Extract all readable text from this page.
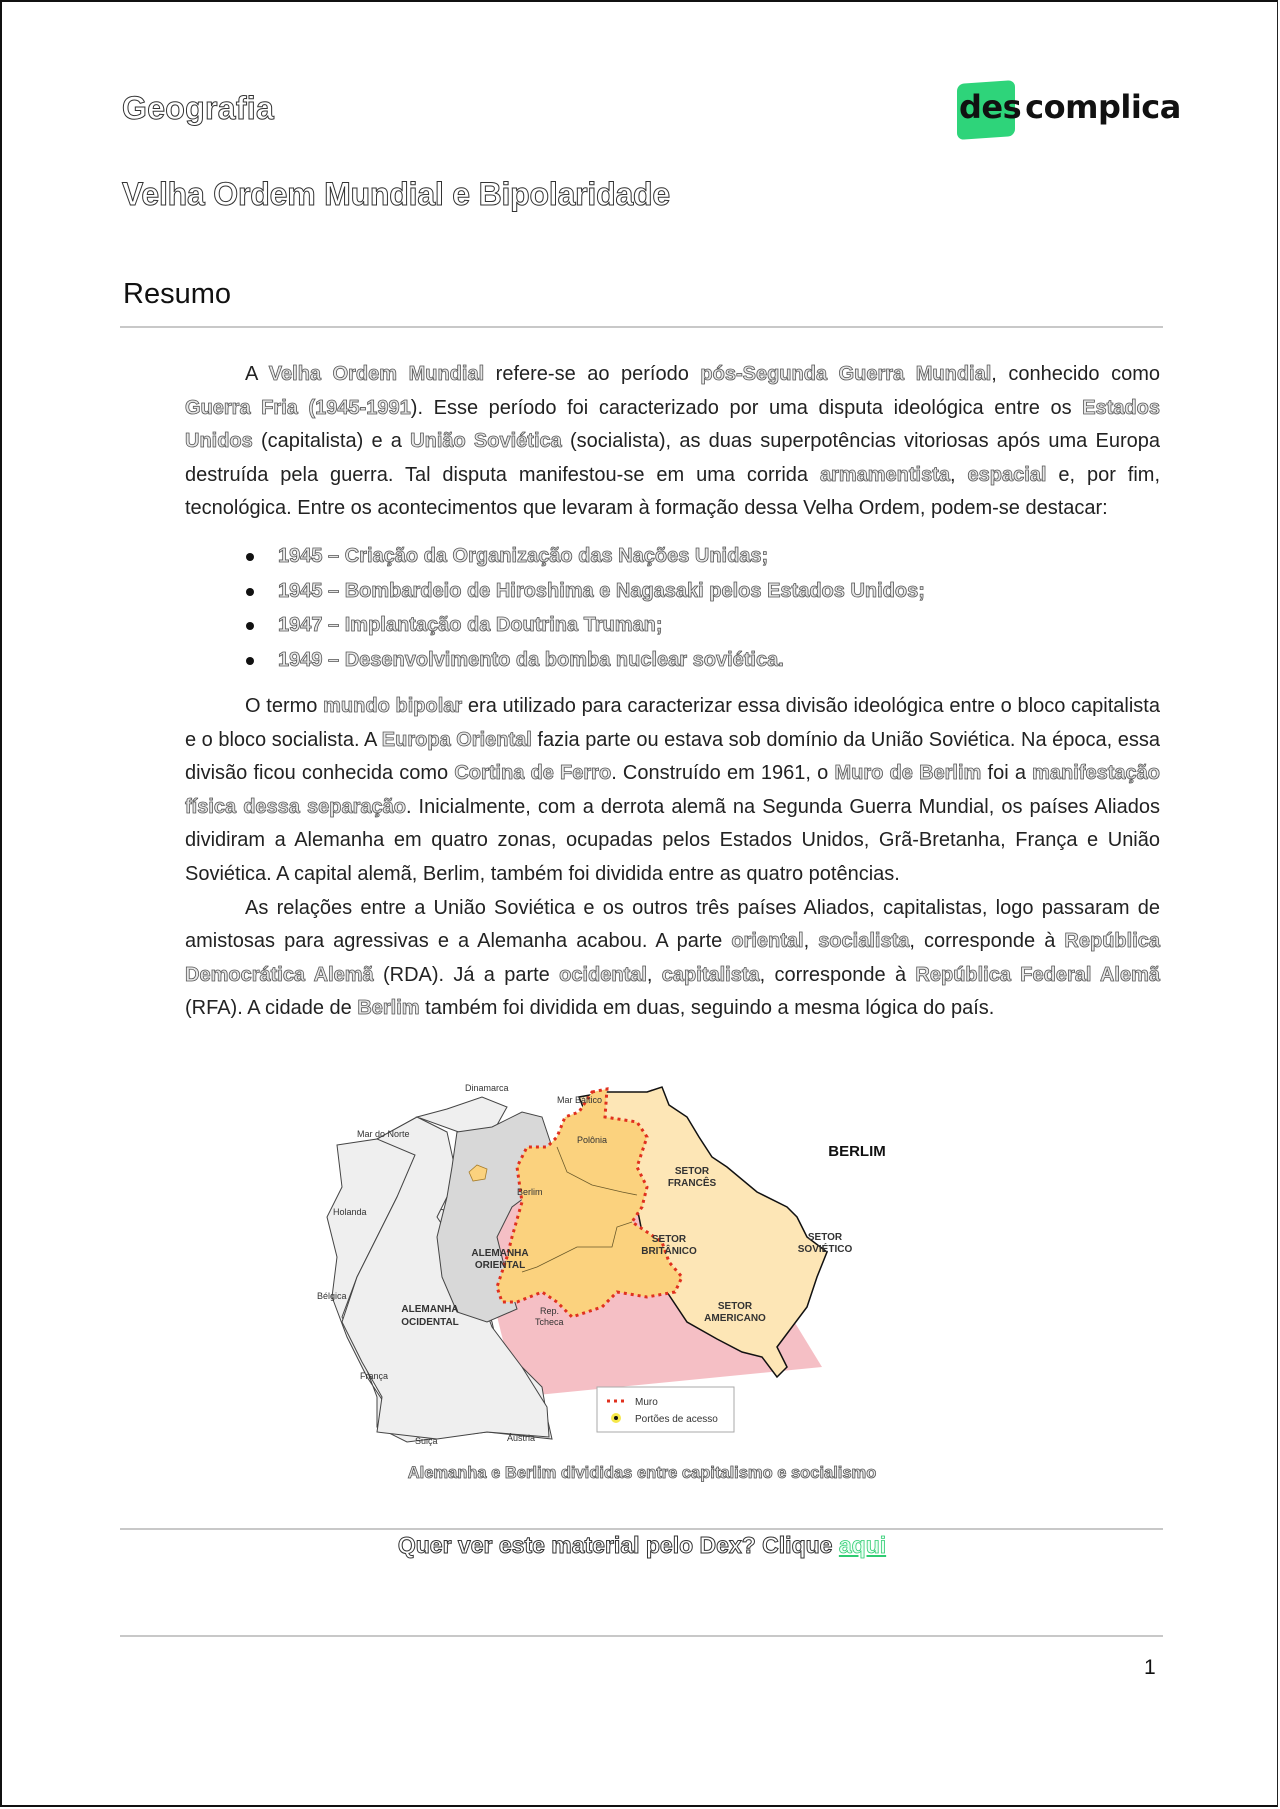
Geografia	des complica
Velha Ordem Mundial e Bipolaridade
Resumo

A Velha Ordem Mundial refere-se ao período pós-Segunda Guerra Mundial, conhecido como Guerra Fria (1945-1991). Esse período foi caracterizado por uma disputa ideológica entre os Estados Unidos (capitalista) e a União Soviética (socialista), as duas superpotências vitoriosas após uma Europa destruída pela guerra. Tal disputa manifestou-se em uma corrida armamentista, espacial e, por fim, tecnológica. Entre os acontecimentos que levaram à formação dessa Velha Ordem, podem-se destacar:

1945 – Criação da Organização das Nações Unidas;
1945 – Bombardeio de Hiroshima e Nagasaki pelos Estados Unidos;
1947 – Implantação da Doutrina Truman;
1949 – Desenvolvimento da bomba nuclear soviética.

O termo mundo bipolar era utilizado para caracterizar essa divisão ideológica entre o bloco capitalista e o bloco socialista. A Europa Oriental fazia parte ou estava sob domínio da União Soviética. Na época, essa divisão ficou conhecida como Cortina de Ferro. Construído em 1961, o Muro de Berlim foi a manifestação física dessa separação. Inicialmente, com a derrota alemã na Segunda Guerra Mundial, os países Aliados dividiram a Alemanha em quatro zonas, ocupadas pelos Estados Unidos, Grã-Bretanha, França e União Soviética. A capital alemã, Berlim, também foi dividida entre as quatro potências.

As relações entre a União Soviética e os outros três países Aliados, capitalistas, logo passaram de amistosas para agressivas e a Alemanha acabou. A parte oriental, socialista, corresponde à República Democrática Alemã (RDA). Já a parte ocidental, capitalista, corresponde à República Federal Alemã (RFA). A cidade de Berlim também foi dividida em duas, seguindo a mesma lógica do país.

Dinamarca
Mar Báltico
Mar do Norte
Polônia
Berlim
Holanda
Bélgica
Rep.
Tcheca
França
Suiça	Áustria
ALEMANHA
ORIENTAL
ALEMANHA
OCIDENTAL
BERLIM
SETOR
FRANCÊS
SETOR
BRITÂNICO
SETOR
SOVIÉTICO
SETOR
AMERICANO
Muro
Portões de acesso
Alemanha e Berlim divididas entre capitalismo e socialismo
Quer ver este material pelo Dex? Clique aqui
1
